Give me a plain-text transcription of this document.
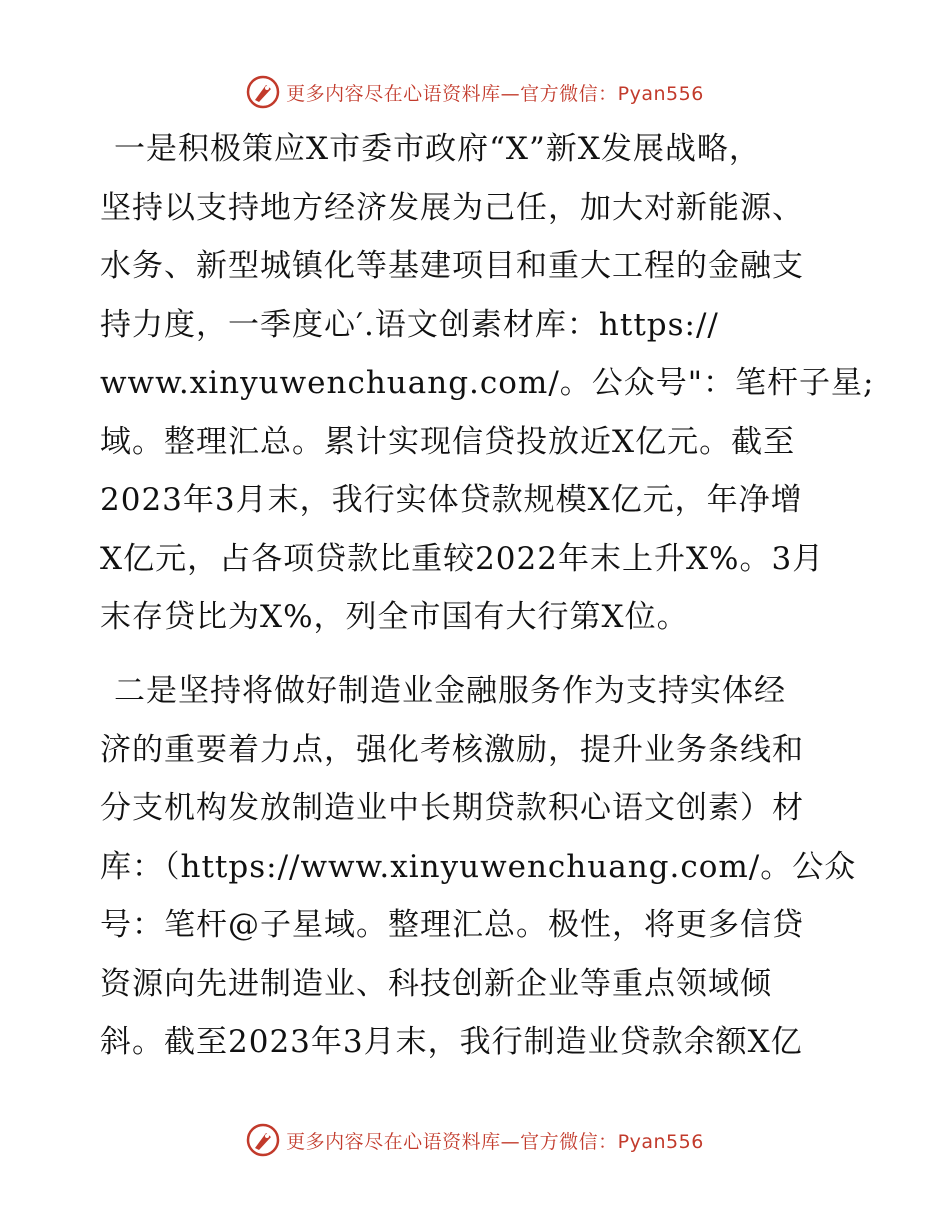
更多内容尽在心语资料库—官方微信：Pyan556
一是积极策应X市委市政府“X”新X发展战略，
坚持以支持地方经济发展为己任，加大对新能源、
水务、新型城镇化等基建项目和重大工程的金融支
持力度，一季度心′.语文创素材库：https://
www.xinyuwenchuang.com/。公众号"：笔杆子星;
域。整理汇总。累计实现信贷投放近X亿元。截至
2023年3月末，我行实体贷款规模X亿元，年净增
X亿元，占各项贷款比重较2022年末上升X%。3月
末存贷比为X%，列全市国有大行第X位。
二是坚持将做好制造业金融服务作为支持实体经
济的重要着力点，强化考核激励，提升业务条线和
分支机构发放制造业中长期贷款积心语文创素）材
库：（https://www.xinyuwenchuang.com/。公众
号：笔杆@子星域。整理汇总。极性，将更多信贷
资源向先进制造业、科技创新企业等重点领域倾
斜。截至2023年3月末，我行制造业贷款余额X亿
更多内容尽在心语资料库—官方微信：Pyan556
